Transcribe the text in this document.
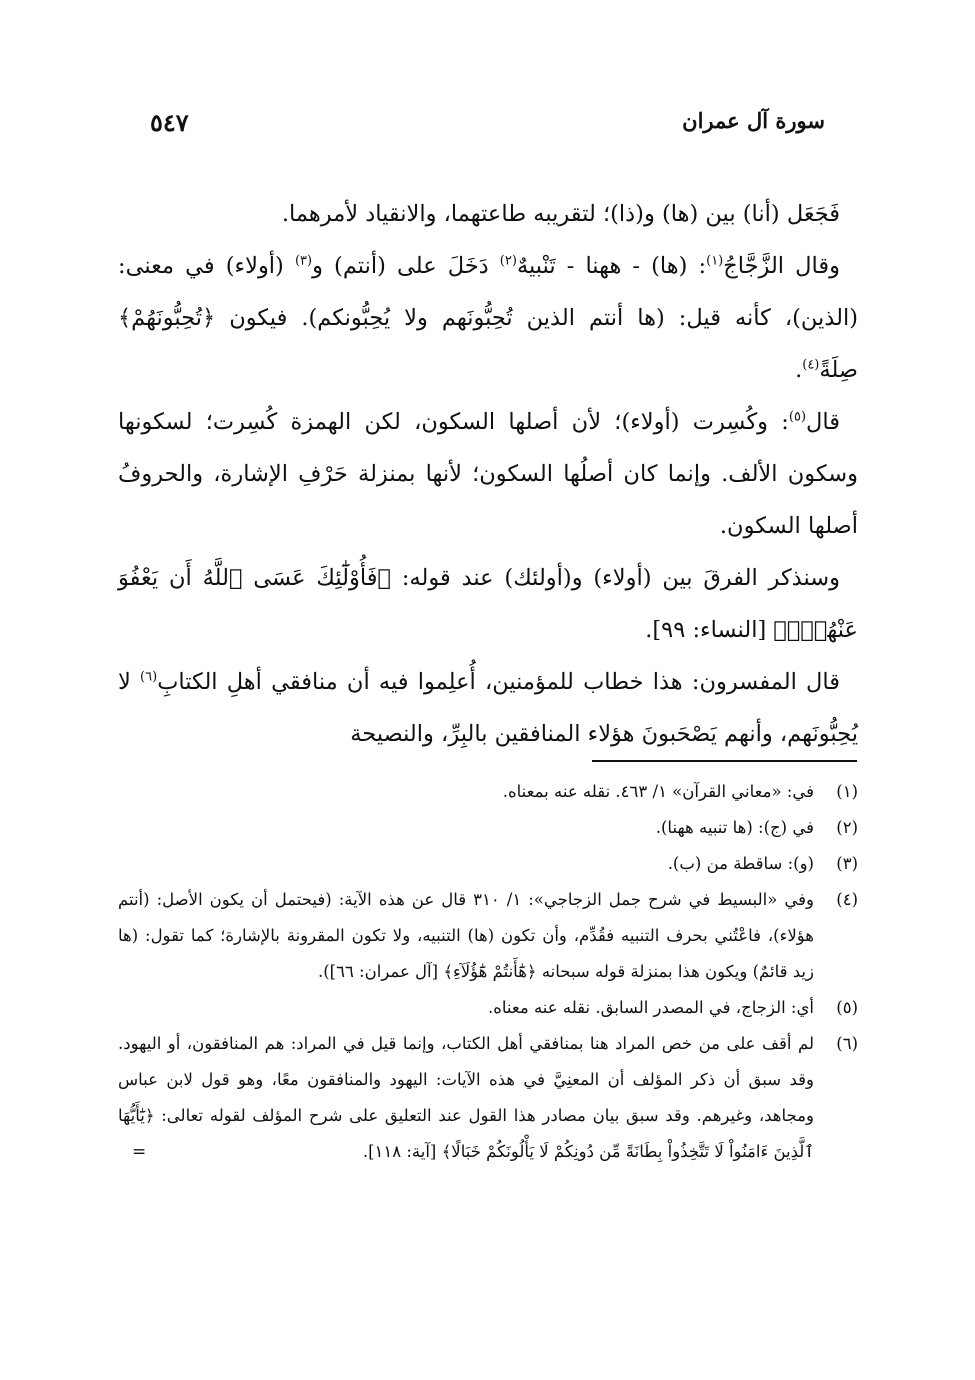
سورة آل عمران
٥٤٧

فَجَعَل (أنا) بين (ها) و(ذا)؛ لتقريبه طاعتهما، والانقياد لأمرهما.

وقال الزَّجَّاجُ$^{(١)}$: (ها) - ههنا - تَنْبيهٌ$^{(٢)}$ دَخَلَ على (أنتم) و$^{(٣)}$ (أولاء) في معنى: (الذين)، كأنه قيل: (ها أنتم الذين تُحِبُّونَهم ولا يُحِبُّونكم). فيكون ﴿تُحِبُّونَهُمْ﴾ صِلَةً$^{(٤)}$.

قال$^{(٥)}$: وكُسِرت (أولاء)؛ لأن أصلها السكون، لكن الهمزة كُسِرت؛ لسكونها وسكون الألف. وإنما كان أصلُها السكون؛ لأنها بمنزلة حَرْفِ الإشارة، والحروفُ أصلها السكون.

وسنذكر الفرقَ بين (أولاء) و(أولئك) عند قوله: ﴿فَأُوْلَٰٓئِكَ عَسَى ٱللَّهُ أَن يَعْفُوَ عَنْهُمْۚ﴾ [النساء: ٩٩].

قال المفسرون: هذا خطاب للمؤمنين، أُعلِموا فيه أن منافقي أهلِ الكتابِ$^{(٦)}$ لا يُحِبُّونَهم، وأنهم يَصْحَبونَ هؤلاء المنافقين بالبِرِّ، والنصيحة

(١)
في: «معاني القرآن» ١/ ٤٦٣. نقله عنه بمعناه.

(٢)
في (ج): (ها تنبيه ههنا).

(٣)
(و): ساقطة من (ب).

(٤)
وفي «البسيط في شرح جمل الزجاجي»: ١/ ٣١٠ قال عن هذه الآية: (فيحتمل أن يكون الأصل: (أنتم هؤلاء)، فاعْتُني بحرف التنبيه فقُدِّم، وأن تكون (ها) التنبيه، ولا تكون المقرونة بالإشارة؛ كما تقول: (ها زيد قائمٌ) ويكون هذا بمنزلة قوله سبحانه ﴿هَٰٓأَنتُمْ هَٰٓؤُلَآءِ﴾ [آل عمران: ٦٦]).

(٥)
أي: الزجاج، في المصدر السابق. نقله عنه معناه.

(٦)
لم أقف على من خص المراد هنا بمنافقي أهل الكتاب، وإنما قيل في المراد: هم المنافقون، أو اليهود. وقد سبق أن ذكر المؤلف أن المعنِيَّ في هذه الآيات: اليهود والمنافقون معًا، وهو قول لابن عباس ومجاهد، وغيرهم. وقد سبق بيان مصادر هذا القول عند التعليق على شرح المؤلف لقوله تعالى: ﴿يَٰٓأَيُّهَا ٱلَّذِينَ ءَامَنُواْ لَا تَتَّخِذُواْ بِطَانَةً مِّن دُونِكُمْ لَا يَأْلُونَكُمْ خَبَالًا﴾ [آية: ١١٨].
=
